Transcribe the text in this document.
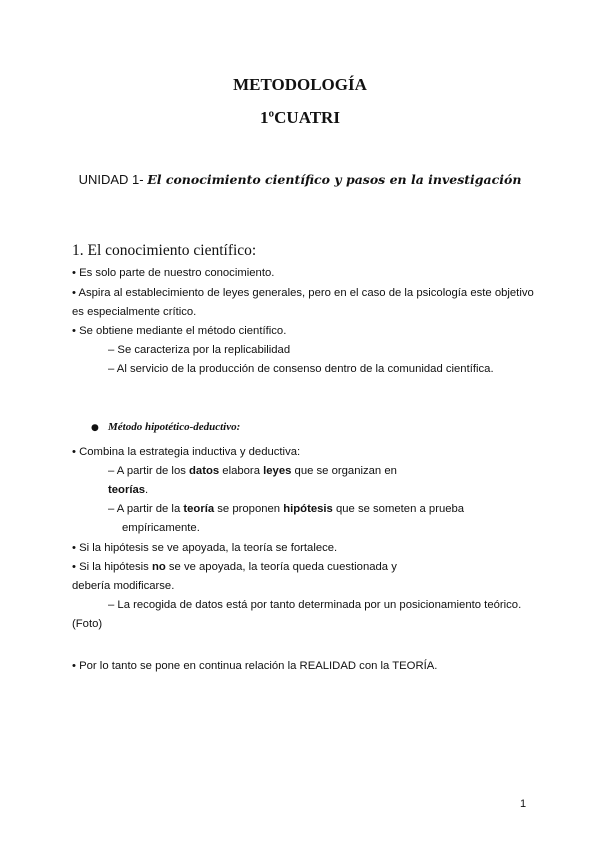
METODOLOGÍA
1ºCUATRI
UNIDAD 1- El conocimiento científico y pasos en la investigación
1. El conocimiento científico:
• Es solo parte de nuestro conocimiento.
• Aspira al establecimiento de leyes generales, pero en el caso de la psicología este objetivo
es especialmente crítico.
• Se obtiene mediante el método científico.
– Se caracteriza por la replicabilidad
– Al servicio de la producción de consenso dentro de la comunidad científica.
● Método hipotético-deductivo:
• Combina la estrategia inductiva y deductiva:
– A partir de los datos elabora leyes que se organizan en
teorías.
– A partir de la teoría se proponen hipótesis que se someten a prueba
empíricamente.
• Si la hipótesis se ve apoyada, la teoría se fortalece.
• Si la hipótesis no se ve apoyada, la teoría queda cuestionada y
debería modificarse.
– La recogida de datos está por tanto determinada por un posicionamiento teórico.
(Foto)
• Por lo tanto se pone en continua relación la REALIDAD con la TEORÍA.
1
